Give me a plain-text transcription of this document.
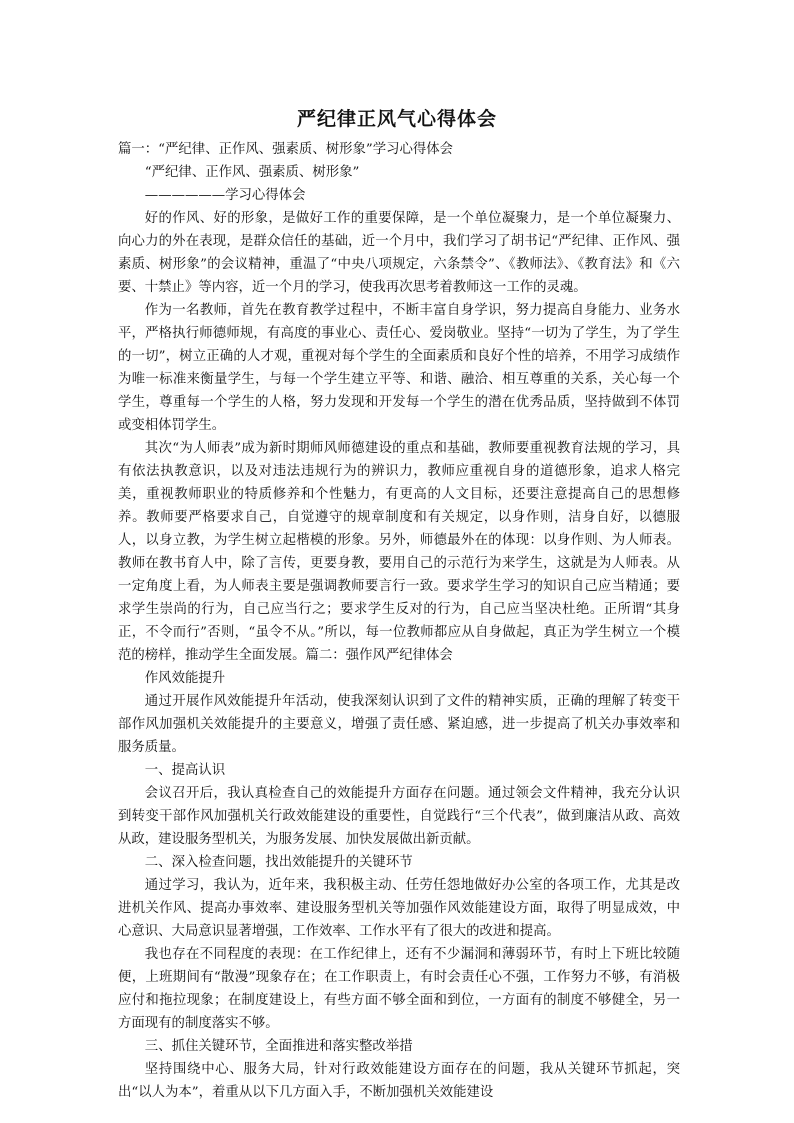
严纪律正风气心得体会

篇一：“严纪律、正作风、强素质、树形象”学习心得体会

“严纪律、正作风、强素质、树形象”

——————学习心得体会

好的作风、好的形象，是做好工作的重要保障，是一个单位凝聚力，是一个单位凝聚力、向心力的外在表现，是群众信任的基础，近一个月中，我们学习了胡书记“严纪律、正作风、强素质、树形象”的会议精神，重温了“中央八项规定，六条禁令”、《教师法》、《教育法》和《六要、十禁止》等内容，近一个月的学习，使我再次思考着教师这一工作的灵魂。

作为一名教师，首先在教育教学过程中，不断丰富自身学识，努力提高自身能力、业务水平，严格执行师德师规，有高度的事业心、责任心、爱岗敬业。坚持“一切为了学生，为了学生的一切”，树立正确的人才观，重视对每个学生的全面素质和良好个性的培养，不用学习成绩作为唯一标准来衡量学生，与每一个学生建立平等、和谐、融洽、相互尊重的关系，关心每一个学生，尊重每一个学生的人格，努力发现和开发每一个学生的潜在优秀品质，坚持做到不体罚或变相体罚学生。

其次“为人师表”成为新时期师风师德建设的重点和基础，教师要重视教育法规的学习，具有依法执教意识，以及对违法违规行为的辨识力，教师应重视自身的道德形象，追求人格完美，重视教师职业的特质修养和个性魅力，有更高的人文目标，还要注意提高自己的思想修养。教师要严格要求自己，自觉遵守的规章制度和有关规定，以身作则，洁身自好，以德服人，以身立教，为学生树立起楷模的形象。另外，师德最外在的体现：以身作则、为人师表。教师在教书育人中，除了言传，更要身教，要用自己的示范行为来学生，这就是为人师表。从一定角度上看，为人师表主要是强调教师要言行一致。要求学生学习的知识自己应当精通；要求学生崇尚的行为，自己应当行之；要求学生反对的行为，自己应当坚决杜绝。正所谓“其身正，不令而行”否则，“虽令不从。”所以，每一位教师都应从自身做起，真正为学生树立一个模范的榜样，推动学生全面发展。篇二：强作风严纪律体会

作风效能提升

通过开展作风效能提升年活动，使我深刻认识到了文件的精神实质，正确的理解了转变干部作风加强机关效能提升的主要意义，增强了责任感、紧迫感，进一步提高了机关办事效率和服务质量。

一、提高认识

会议召开后，我认真检查自己的效能提升方面存在问题。通过领会文件精神，我充分认识到转变干部作风加强机关行政效能建设的重要性，自觉践行“三个代表”，做到廉洁从政、高效从政，建设服务型机关，为服务发展、加快发展做出新贡献。

二、深入检查问题，找出效能提升的关键环节

通过学习，我认为，近年来，我积极主动、任劳任怨地做好办公室的各项工作，尤其是改进机关作风、提高办事效率、建设服务型机关等加强作风效能建设方面，取得了明显成效，中心意识、大局意识显著增强，工作效率、工作水平有了很大的改进和提高。

我也存在不同程度的表现：在工作纪律上，还有不少漏洞和薄弱环节，有时上下班比较随便，上班期间有“散漫”现象存在；在工作职责上，有时会责任心不强，工作努力不够，有消极应付和拖拉现象；在制度建设上，有些方面不够全面和到位，一方面有的制度不够健全，另一方面现有的制度落实不够。

三、抓住关键环节，全面推进和落实整改举措

坚持围绕中心、服务大局，针对行政效能建设方面存在的问题，我从关键环节抓起，突出“以人为本”，着重从以下几方面入手，不断加强机关效能建设
